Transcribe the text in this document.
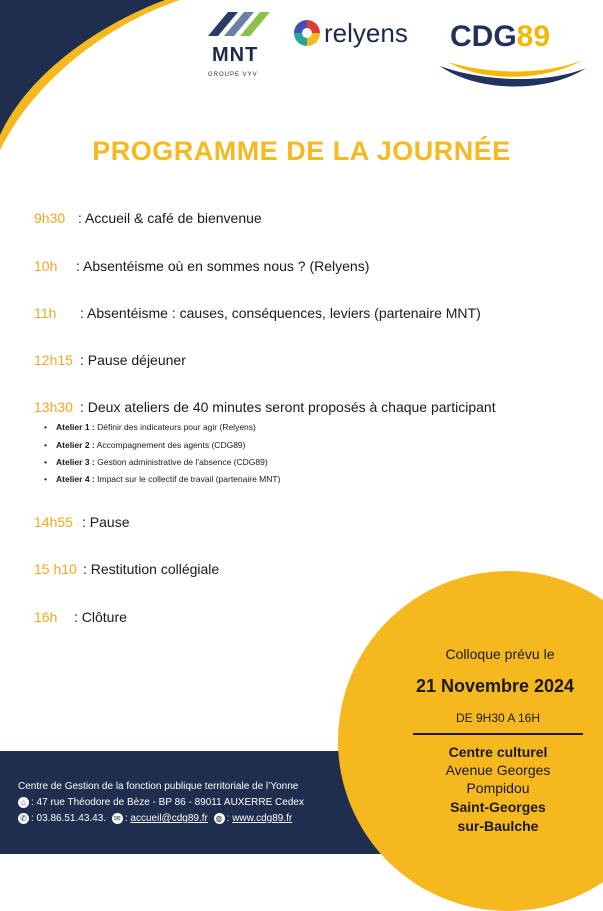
MNT
GROUPE VYV
relyens CDG89
PROGRAMME DE LA JOURNÉE
9h30 : Accueil & café de bienvenue
10h : Absentéisme où en sommes nous ? (Relyens)
11h : Absentéisme : causes, conséquences, leviers (partenaire MNT)
12h15 : Pause déjeuner
13h30 : Deux ateliers de 40 minutes seront proposés à chaque participant
• Atelier 1 : Définir des indicateurs pour agir (Relyens)
• Atelier 2 : Accompagnement des agents (CDG89)
• Atelier 3 : Gestion administrative de l’absence (CDG89)
• Atelier 4 : Impact sur le collectif de travail (partenaire MNT)
14h55 : Pause
15 h10 : Restitution collégiale
16h : Clôture
Colloque prévu le
21 Novembre 2024
DE 9H30 A 16H
Centre culturel
Avenue Georges
Pompidou
Saint-Georges
sur-Baulche
Centre de Gestion de la fonction publique territoriale de l’Yonne
⌂ : 47 rue Théodore de Bèze - BP 86 - 89011 AUXERRE Cedex
✆ : 03.86.51.43.43. ✉ : accueil@cdg89.fr ◍ : www.cdg89.fr
